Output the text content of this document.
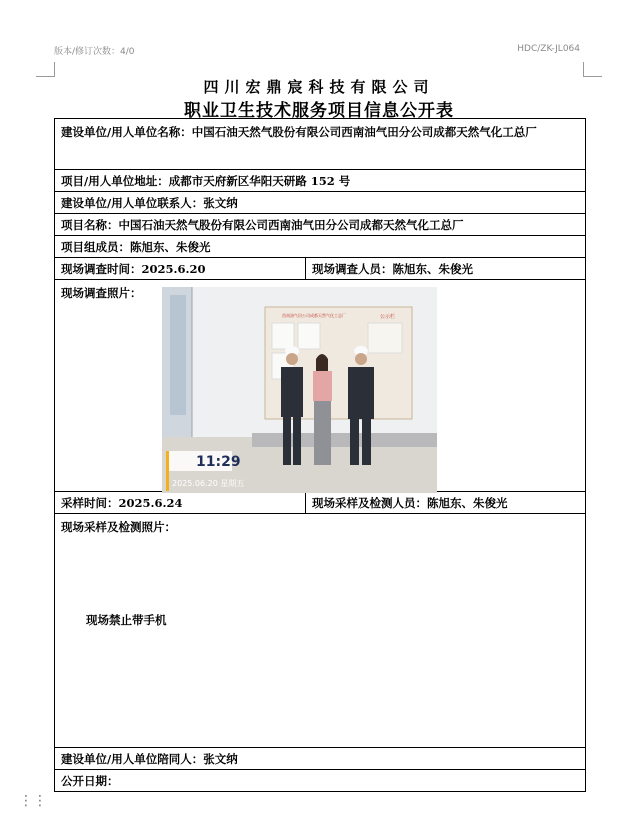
版本/修订次数：4/0	HDC/ZK-JL064
四川宏鼎宸科技有限公司
职业卫生技术服务项目信息公开表
建设单位/用人单位名称：中国石油天然气股份有限公司西南油气田分公司成都天然气化工总厂	
项目/用人单位地址：成都市天府新区华阳天研路 152 号	
建设单位/用人单位联系人：张文纳	
项目名称：中国石油天然气股份有限公司西南油气田分公司成都天然气化工总厂	
项目组成员：陈旭东、朱俊光	
现场调查时间：2025.6.20	现场调查人员：陈旭东、朱俊光
现场调查照片：	
采样时间：2025.6.24	现场采样及检测人员：陈旭东、朱俊光
现场采样及检测照片：	
建设单位/用人单位陪同人：张文纳	
公开日期：	
西南油气田公司成都天然气化工总厂	公示栏
11:29
2025.06.20 星期五
现场禁止带手机
⋮⋮
